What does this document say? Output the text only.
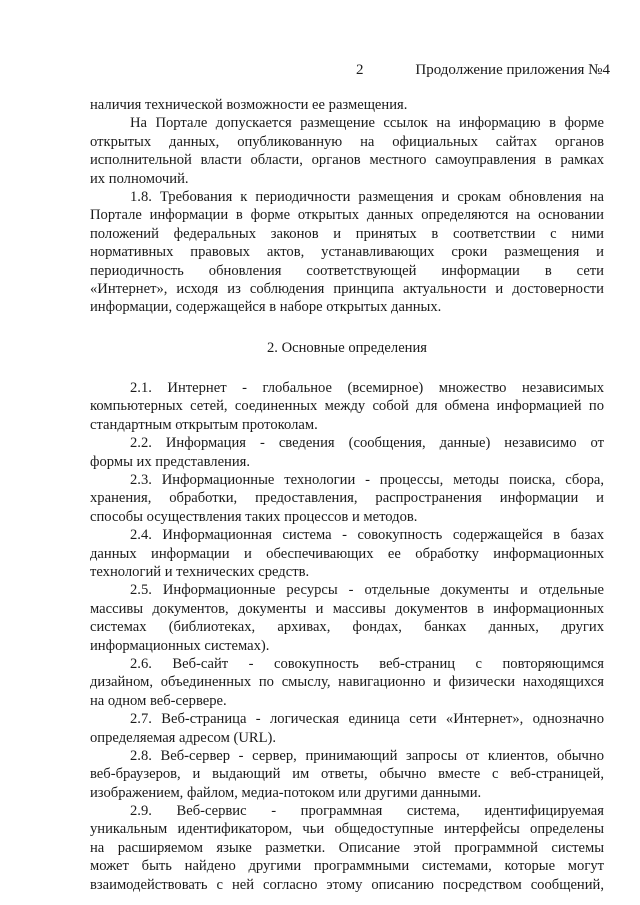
2	Продолжение приложения №4
наличия технической возможности ее размещения.
На Портале допускается размещение ссылок на информацию в форме
открытых данных, опубликованную на официальных сайтах органов
исполнительной власти области, органов местного самоуправления в рамках
их полномочий.
1.8. Требования к периодичности размещения и срокам обновления на
Портале информации в форме открытых данных определяются на основании
положений федеральных законов и принятых в соответствии с ними
нормативных правовых актов, устанавливающих сроки размещения и
периодичность обновления соответствующей информации в сети
«Интернет», исходя из соблюдения принципа актуальности и достоверности
информации, содержащейся в наборе открытых данных.
2. Основные определения
2.1. Интернет - глобальное (всемирное) множество независимых
компьютерных сетей, соединенных между собой для обмена информацией по
стандартным открытым протоколам.
2.2. Информация - сведения (сообщения, данные) независимо от
формы их представления.
2.3. Информационные технологии - процессы, методы поиска, сбора,
хранения, обработки, предоставления, распространения информации и
способы осуществления таких процессов и методов.
2.4. Информационная система - совокупность содержащейся в базах
данных информации и обеспечивающих ее обработку информационных
технологий и технических средств.
2.5. Информационные ресурсы - отдельные документы и отдельные
массивы документов, документы и массивы документов в информационных
системах (библиотеках, архивах, фондах, банках данных, других
информационных системах).
2.6. Веб-сайт - совокупность веб-страниц с повторяющимся
дизайном, объединенных по смыслу, навигационно и физически находящихся
на одном веб-сервере.
2.7. Веб-страница - логическая единица сети «Интернет», однозначно
определяемая адресом (URL).
2.8. Веб-сервер - сервер, принимающий запросы от клиентов, обычно
веб-браузеров, и выдающий им ответы, обычно вместе с веб-страницей,
изображением, файлом, медиа-потоком или другими данными.
2.9. Веб-сервис - программная система, идентифицируемая
уникальным идентификатором, чьи общедоступные интерфейсы определены
на расширяемом языке разметки. Описание этой программной системы
может быть найдено другими программными системами, которые могут
взаимодействовать с ней согласно этому описанию посредством сообщений,
